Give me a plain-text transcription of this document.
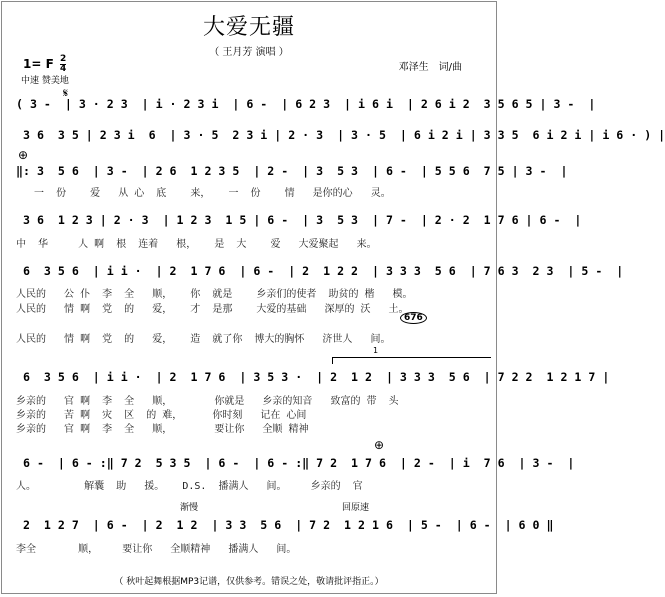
大爱无疆
（ 王月芳 演唱 ）
邓泽生　词/曲
1= F $\frac{2}{4}$
中速 赞美地
𝄋
( 3 -  | 3 · 2 3  | i · 2 3 i  | 6 -  | 6 2 3  | i 6 i  | 2 6 i 2  3 5 6 5 | 3 -  |
3 6  3 5 | 2 3 i  6  | 3 · 5  2 3 i | 2 · 3  | 3 · 5  | 6 i 2 i | 3 3 5  6 i 2 i | i 6 · ) |
⊕
‖: 3  5 6  | 3 -  | 2 6  1 2 3 5  | 2 -  | 3  5 3  | 6 -  | 5 5 6  7 5 | 3 -  |
一  份    爱   从 心  底    来，   一  份    情   是你的心   灵。
3 6  1 2 3 | 2 · 3  | 1 2 3  1 5 | 6 -  | 3  5 3  | 7 -  | 2 · 2  1 7 6 | 6 -  |
中  华     人 啊  根  连着   根，   是  大    爱   大爱聚起   来。
6  3 5 6  | i i ·  | 2  1 7 6  | 6 -  | 2  1 2 2  | 3 3 3  5 6  | 7 6 3  2 3  | 5 -  |
人民的   公 仆  李  全   顺，   你  就是    乡亲们的使者  助贫的 楷   模。
人民的   情 啊  党  的   爱，   才  是那    大爱的基础   深厚的 沃   土。
676
人民的   情 啊  党  的   爱，   造  就了你  博大的胸怀   济世人   间。
1
6  3 5 6  | i i ·  | 2  1 7 6  | 3 5 3 ·  | 2  1 2  | 3 3 3  5 6  | 7 2 2  1 2 1 7 |
乡亲的   官 啊  李  全   顺，       你就是   乡亲的知音   致富的 带  头
乡亲的   苦 啊  灾  区  的 难，     你时刻   记在 心间
乡亲的   官 啊  李  全   顺，       要让你   全顺 精神
⊕
6 -  | 6 - :‖ 7 2  5 3 5  | 6 -  | 6 - :‖ 7 2  1 7 6  | 2 -  | i  7 6  | 3 -  |
人。        解囊  助   援。   D.S.  播满人   间。    乡亲的  官
渐慢	回原速
2  1 2 7  | 6 -  | 2  1 2  | 3 3  5 6  | 7 2  1 2 1 6  | 5 -  | 6 -  | 6 0 ‖
李全       顺，    要让你   全顺精神   播满人   间。
（ 秋叶起舞根据MP3记谱，仅供参考。错误之处，敬请批评指正。）
